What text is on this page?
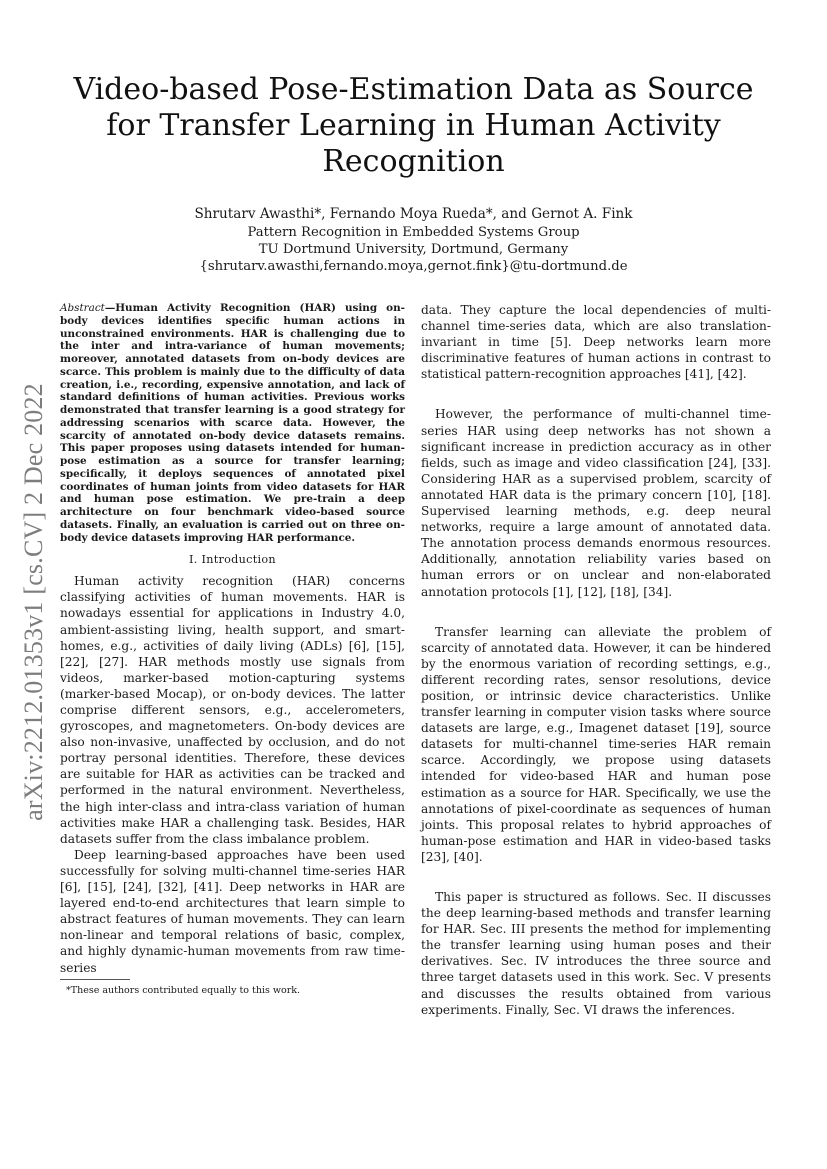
Video-based Pose-Estimation Data as Source
for Transfer Learning in Human Activity
Recognition
Shrutarv Awasthi*, Fernando Moya Rueda*, and Gernot A. Fink
Pattern Recognition in Embedded Systems Group
TU Dortmund University, Dortmund, Germany
{shrutarv.awasthi,fernando.moya,gernot.fink}@tu-dortmund.de
arXiv:2212.01353v1 [cs.CV] 2 Dec 2022

Abstract—Human Activity Recognition (HAR) using on-body devices identifies specific human actions in unconstrained environments. HAR is challenging due to the inter and intra-variance of human movements; moreover, annotated datasets from on-body devices are scarce. This problem is mainly due to the difficulty of data creation, i.e., recording, expensive annotation, and lack of standard definitions of human activities. Previous works demonstrated that transfer learning is a good strategy for addressing scenarios with scarce data. However, the scarcity of annotated on-body device datasets remains. This paper proposes using datasets intended for human-pose estimation as a source for transfer learning; specifically, it deploys sequences of annotated pixel coordinates of human joints from video datasets for HAR and human pose estimation. We pre-train a deep architecture on four benchmark video-based source datasets. Finally, an evaluation is carried out on three on-body device datasets improving HAR performance.

I. Introduction

Human activity recognition (HAR) concerns classifying activities of human movements. HAR is nowadays essential for applications in Industry 4.0, ambient-assisting living, health support, and smart-homes, e.g., activities of daily living (ADLs) [6], [15], [22], [27]. HAR methods mostly use signals from videos, marker-based motion-capturing systems (marker-based Mocap), or on-body devices. The latter comprise different sensors, e.g., accelerometers, gyroscopes, and magnetometers. On-body devices are also non-invasive, unaffected by occlusion, and do not portray personal identities. Therefore, these devices are suitable for HAR as activities can be tracked and performed in the natural environment. Nevertheless, the high inter-class and intra-class variation of human activities make HAR a challenging task. Besides, HAR datasets suffer from the class imbalance problem.

Deep learning-based approaches have been used successfully for solving multi-channel time-series HAR [6], [15], [24], [32], [41]. Deep networks in HAR are layered end-to-end architectures that learn simple to abstract features of human movements. They can learn non-linear and temporal relations of basic, complex, and highly dynamic-human movements from raw time-series

data. They capture the local dependencies of multi-channel time-series data, which are also translation-invariant in time [5]. Deep networks learn more discriminative features of human actions in contrast to statistical pattern-recognition approaches [41], [42].

However, the performance of multi-channel time-series HAR using deep networks has not shown a significant increase in prediction accuracy as in other fields, such as image and video classification [24], [33]. Considering HAR as a supervised problem, scarcity of annotated HAR data is the primary concern [10], [18]. Supervised learning methods, e.g. deep neural networks, require a large amount of annotated data. The annotation process demands enormous resources. Additionally, annotation reliability varies based on human errors or on unclear and non-elaborated annotation protocols [1], [12], [18], [34].

Transfer learning can alleviate the problem of scarcity of annotated data. However, it can be hindered by the enormous variation of recording settings, e.g., different recording rates, sensor resolutions, device position, or intrinsic device characteristics. Unlike transfer learning in computer vision tasks where source datasets are large, e.g., Imagenet dataset [19], source datasets for multi-channel time-series HAR remain scarce. Accordingly, we propose using datasets intended for video-based HAR and human pose estimation as a source for HAR. Specifically, we use the annotations of pixel-coordinate as sequences of human joints. This proposal relates to hybrid approaches of human-pose estimation and HAR in video-based tasks [23], [40].

This paper is structured as follows. Sec. II discusses the deep learning-based methods and transfer learning for HAR. Sec. III presents the method for implementing the transfer learning using human poses and their derivatives. Sec. IV introduces the three source and three target datasets used in this work. Sec. V presents and discusses the results obtained from various experiments. Finally, Sec. VI draws the inferences.

*These authors contributed equally to this work.
